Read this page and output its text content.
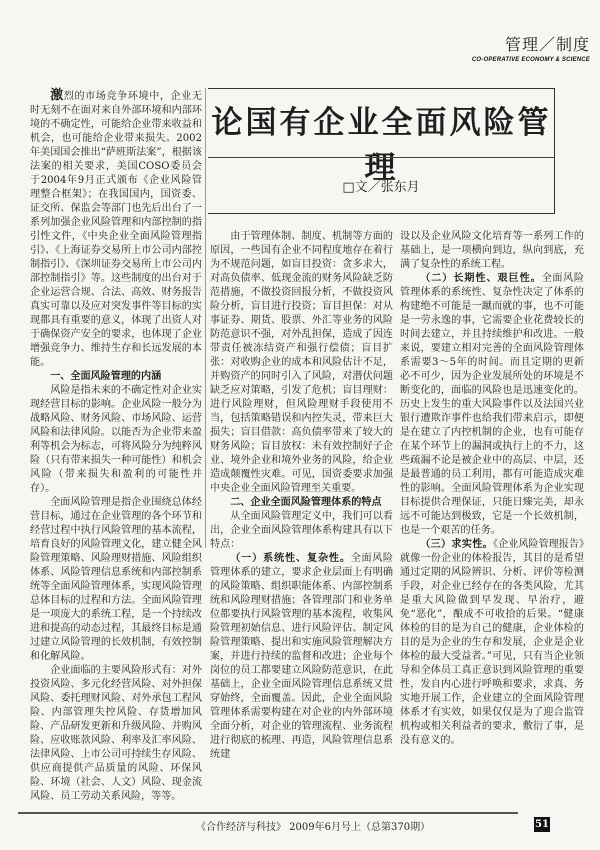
管理／制度
CO-OPERATIVE ECONOMY & SCIENCE
论国有企业全面风险管理
□文／张东月

激烈的市场竞争环境中，企业无时无刻不在面对来自外部环境和内部环境的不确定性，可能给企业带来收益和机会，也可能给企业带来损失。2002年美国国会推出“萨班斯法案”，根据该法案的相关要求，美国COSO委员会于2004年9月正式颁布《企业风险管理整合框架》；在我国国内，国资委、证交所、保监会等部门也先后出台了一系列加强企业风险管理和内部控制的指引性文件，《中央企业全面风险管理指引》、《上海证券交易所上市公司内部控制指引》、《深圳证券交易所上市公司内部控制指引》等。这些制度的出台对于企业运营合规、合法、高效、财务报告真实可靠以及应对突发事件等目标的实现都具有重要的意义，体现了出资人对于确保资产安全的要求，也体现了企业增强竞争力、维持生存和长远发展的本能。

一、全面风险管理的内涵

风险是指未来的不确定性对企业实现经营目标的影响。企业风险一般分为战略风险、财务风险、市场风险、运营风险和法律风险。以能否为企业带来盈利等机会为标志，可将风险分为纯粹风险（只有带来损失一种可能性）和机会风险（带来损失和盈利的可能性并存）。

全面风险管理是指企业围绕总体经营目标，通过在企业管理的各个环节和经营过程中执行风险管理的基本流程，培育良好的风险管理文化，建立健全风险管理策略、风险理财措施、风险组织体系、风险管理信息系统和内部控制系统等全面风险管理体系，实现风险管理总体目标的过程和方法。全面风险管理是一项庞大的系统工程，是一个持续改进和提高的动态过程，其最终目标是通过建立风险管理的长效机制，有效控制和化解风险。

企业面临的主要风险形式有：对外投资风险、多元化经营风险、对外担保风险、委托理财风险、对外承包工程风险、内部管理失控风险、存货增加风险、产品研发更新和升级风险、并购风险、应收账款风险、利率及汇率风险、法律风险、上市公司可持续生存风险、供应商提供产品质量的风险、环保风险、环境（社会、人文）风险、现金流风险、员工劳动关系风险，等等。

由于管理体制、制度、机制等方面的原因，一些国有企业不同程度地存在着行为不规范问题，如盲目投资：贪多求大，对高负债率、低现金流的财务风险缺乏防范措施，不做投资回报分析，不做投资风险分析，盲目进行投资；盲目担保：对从事证券、期货、股票、外汇等业务的风险防范意识不强，对外乱担保，造成了因连带责任被冻结资产和强行偿债；盲目扩张：对收购企业的成本和风险估计不足，并购资产的同时引入了风险，对潜伏问题缺乏应对策略，引发了危机；盲目理财：进行风险理财，但风险理财手段使用不当，包括策略错误和内控失灵，带来巨大损失；盲目借款：高负债率带来了较大的财务风险；盲目放权：未有效控制好子企业、境外企业和境外业务的风险，给企业造成颠覆性灾难。可见，国资委要求加强中央企业全面风险管理至关重要。

二、企业全面风险管理体系的特点

从全面风险管理定义中，我们可以看出，企业全面风险管理体系构建具有以下特点：

（一）系统性、复杂性。全面风险管理体系的建立，要求企业层面上有明确的风险策略、组织职能体系、内部控制系统和风险理财措施；各管理部门和业务单位都要执行风险管理的基本流程，收集风险管理初始信息、进行风险评估、制定风险管理策略、提出和实施风险管理解决方案，并进行持续的监督和改进；企业每个岗位的员工都要建立风险防范意识，在此基础上，企业全面风险管理信息系统又贯穿始终，全面覆盖。因此，企业全面风险管理体系需要构建在对企业的内外部环境全面分析，对企业的管理流程、业务流程进行彻底的梳理、再造，风险管理信息系统建

设以及企业风险文化培育等一系列工作的基础上，是一项横向到边，纵向到底，充满了复杂性的系统工程。

（二）长期性、艰巨性。全面风险管理体系的系统性、复杂性决定了体系的构建绝不可能是一蹴而就的事，也不可能是一劳永逸的事，它需要企业花费较长的时间去建立，并且持续维护和改进。一般来说，要建立相对完善的全面风险管理体系需要3～5年的时间。而且定期的更新必不可少，因为企业发展所处的环境是不断变化的，面临的风险也是迅速变化的。历史上发生的重大风险事件以及法国兴业银行遭欺诈事件也给我们带来启示，即便是在建立了内控机制的企业，也有可能存在某个环节上的漏洞或执行上的不力，这些疏漏不论是被企业中的高层、中层，还是最普通的员工利用，都有可能造成灾难性的影响。全面风险管理体系为企业实现目标提供合理保证，只能日臻完美，却永远不可能达到极致，它是一个长效机制，也是一个艰苦的任务。

（三）求实性。《企业风险管理报告》就像一份企业的体检报告，其目的是希望通过定期的风险辨识、分析、评价等检测手段，对企业已经存在的各类风险，尤其是重大风险做到早发现、早治疗，避免“恶化”，酿成不可收拾的后果。“健康体检的目的是为自己的健康，企业体检的目的是为企业的生存和发展，企业是企业体检的最大受益者。”可见，只有当企业领导和全体员工真正意识到风险管理的重要性，发自内心进行呼唤和要求，求真、务实地开展工作，企业建立的全面风险管理体系才有实效，如果仅仅是为了迎合监管机构或相关利益者的要求，敷衍了事，是没有意义的。

《合作经济与科技》 2009年6月号上（总第370期）	51
